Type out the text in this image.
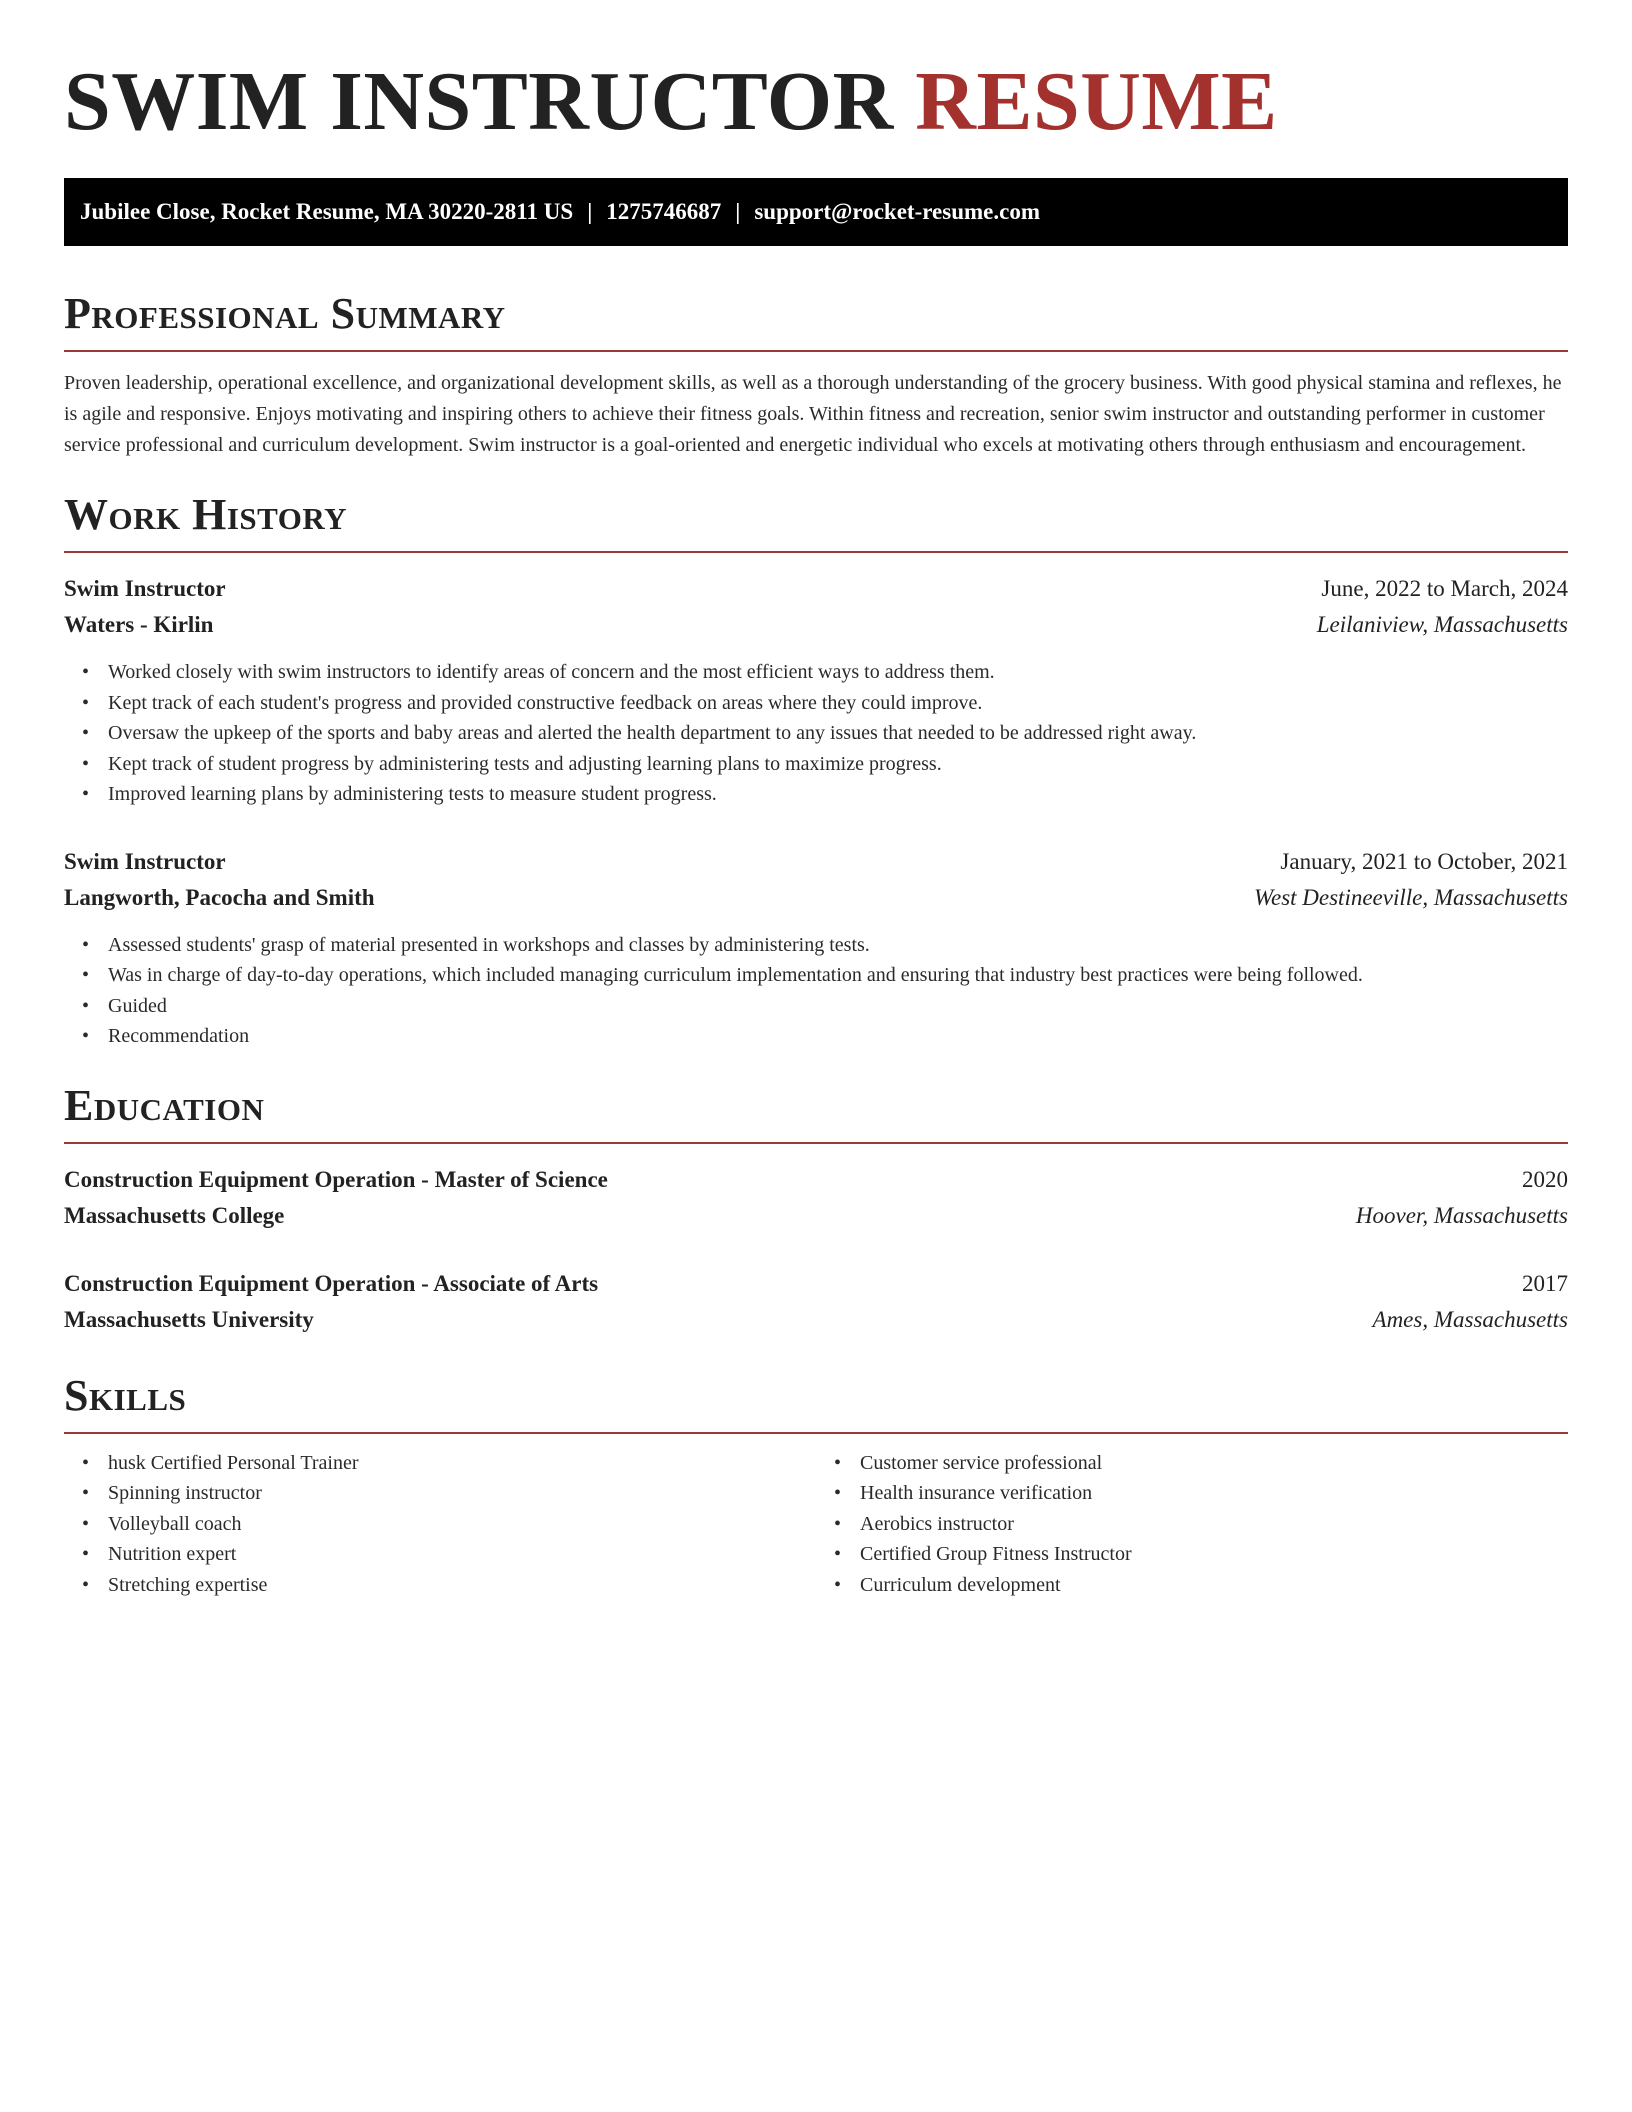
SWIM INSTRUCTOR RESUME
Jubilee Close, Rocket Resume, MA 30220-2811 US | 1275746687 | support@rocket-resume.com
Professional Summary

Proven leadership, operational excellence, and organizational development skills, as well as a thorough understanding of the grocery business. With good physical stamina and reflexes, he is agile and responsive. Enjoys motivating and inspiring others to achieve their fitness goals. Within fitness and recreation, senior swim instructor and outstanding performer in customer service professional and curriculum development. Swim instructor is a goal-oriented and energetic individual who excels at motivating others through enthusiasm and encouragement.

Work History
Swim Instructor	June, 2022 to March, 2024
Waters - Kirlin	Leilaniview, Massachusetts
• Worked closely with swim instructors to identify areas of concern and the most efficient ways to address them.
• Kept track of each student's progress and provided constructive feedback on areas where they could improve.
• Oversaw the upkeep of the sports and baby areas and alerted the health department to any issues that needed to be addressed right away.
• Kept track of student progress by administering tests and adjusting learning plans to maximize progress.
• Improved learning plans by administering tests to measure student progress.
Swim Instructor	January, 2021 to October, 2021
Langworth, Pacocha and Smith	West Destineeville, Massachusetts
• Assessed students' grasp of material presented in workshops and classes by administering tests.
• Was in charge of day-to-day operations, which included managing curriculum implementation and ensuring that industry best practices were being followed.
• Guided
• Recommendation
Education
Construction Equipment Operation - Master of Science	2020
Massachusetts College	Hoover, Massachusetts
Construction Equipment Operation - Associate of Arts	2017
Massachusetts University	Ames, Massachusetts
Skills
• husk Certified Personal Trainer
• Spinning instructor
• Volleyball coach
• Nutrition expert
• Stretching expertise
• Customer service professional
• Health insurance verification
• Aerobics instructor
• Certified Group Fitness Instructor
• Curriculum development
